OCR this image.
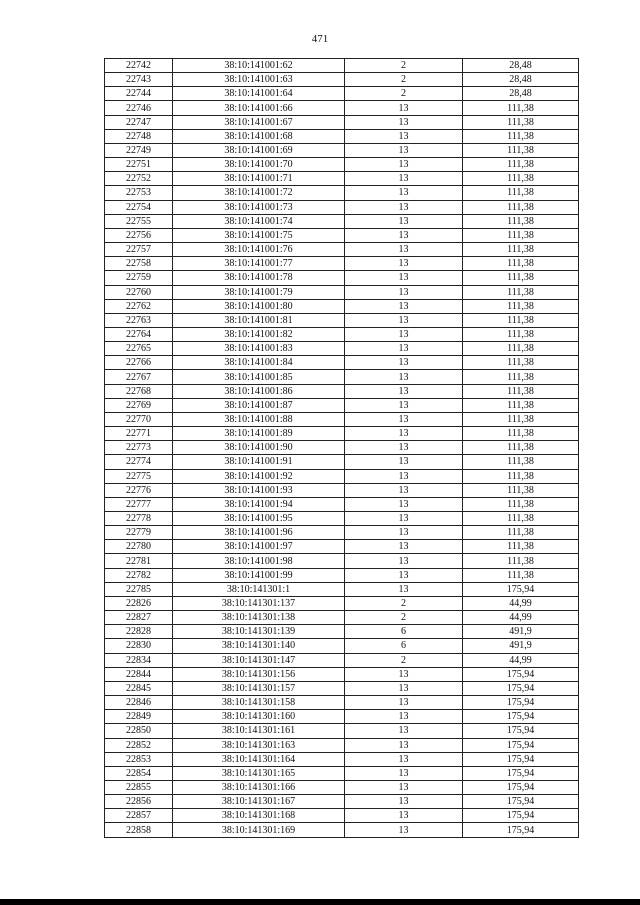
471
22742	38:10:141001:62	2	28,48
22743	38:10:141001:63	2	28,48
22744	38:10:141001:64	2	28,48
22746	38:10:141001:66	13	111,38
22747	38:10:141001:67	13	111,38
22748	38:10:141001:68	13	111,38
22749	38:10:141001:69	13	111,38
22751	38:10:141001:70	13	111,38
22752	38:10:141001:71	13	111,38
22753	38:10:141001:72	13	111,38
22754	38:10:141001:73	13	111,38
22755	38:10:141001:74	13	111,38
22756	38:10:141001:75	13	111,38
22757	38:10:141001:76	13	111,38
22758	38:10:141001:77	13	111,38
22759	38:10:141001:78	13	111,38
22760	38:10:141001:79	13	111,38
22762	38:10:141001:80	13	111,38
22763	38:10:141001:81	13	111,38
22764	38:10:141001:82	13	111,38
22765	38:10:141001:83	13	111,38
22766	38:10:141001:84	13	111,38
22767	38:10:141001:85	13	111,38
22768	38:10:141001:86	13	111,38
22769	38:10:141001:87	13	111,38
22770	38:10:141001:88	13	111,38
22771	38:10:141001:89	13	111,38
22773	38:10:141001:90	13	111,38
22774	38:10:141001:91	13	111,38
22775	38:10:141001:92	13	111,38
22776	38:10:141001:93	13	111,38
22777	38:10:141001:94	13	111,38
22778	38:10:141001:95	13	111,38
22779	38:10:141001:96	13	111,38
22780	38:10:141001:97	13	111,38
22781	38:10:141001:98	13	111,38
22782	38:10:141001:99	13	111,38
22785	38:10:141301:1	13	175,94
22826	38:10:141301:137	2	44,99
22827	38:10:141301:138	2	44,99
22828	38:10:141301:139	6	491,9
22830	38:10:141301:140	6	491,9
22834	38:10:141301:147	2	44,99
22844	38:10:141301:156	13	175,94
22845	38:10:141301:157	13	175,94
22846	38:10:141301:158	13	175,94
22849	38:10:141301:160	13	175,94
22850	38:10:141301:161	13	175,94
22852	38:10:141301:163	13	175,94
22853	38:10:141301:164	13	175,94
22854	38:10:141301:165	13	175,94
22855	38:10:141301:166	13	175,94
22856	38:10:141301:167	13	175,94
22857	38:10:141301:168	13	175,94
22858	38:10:141301:169	13	175,94
